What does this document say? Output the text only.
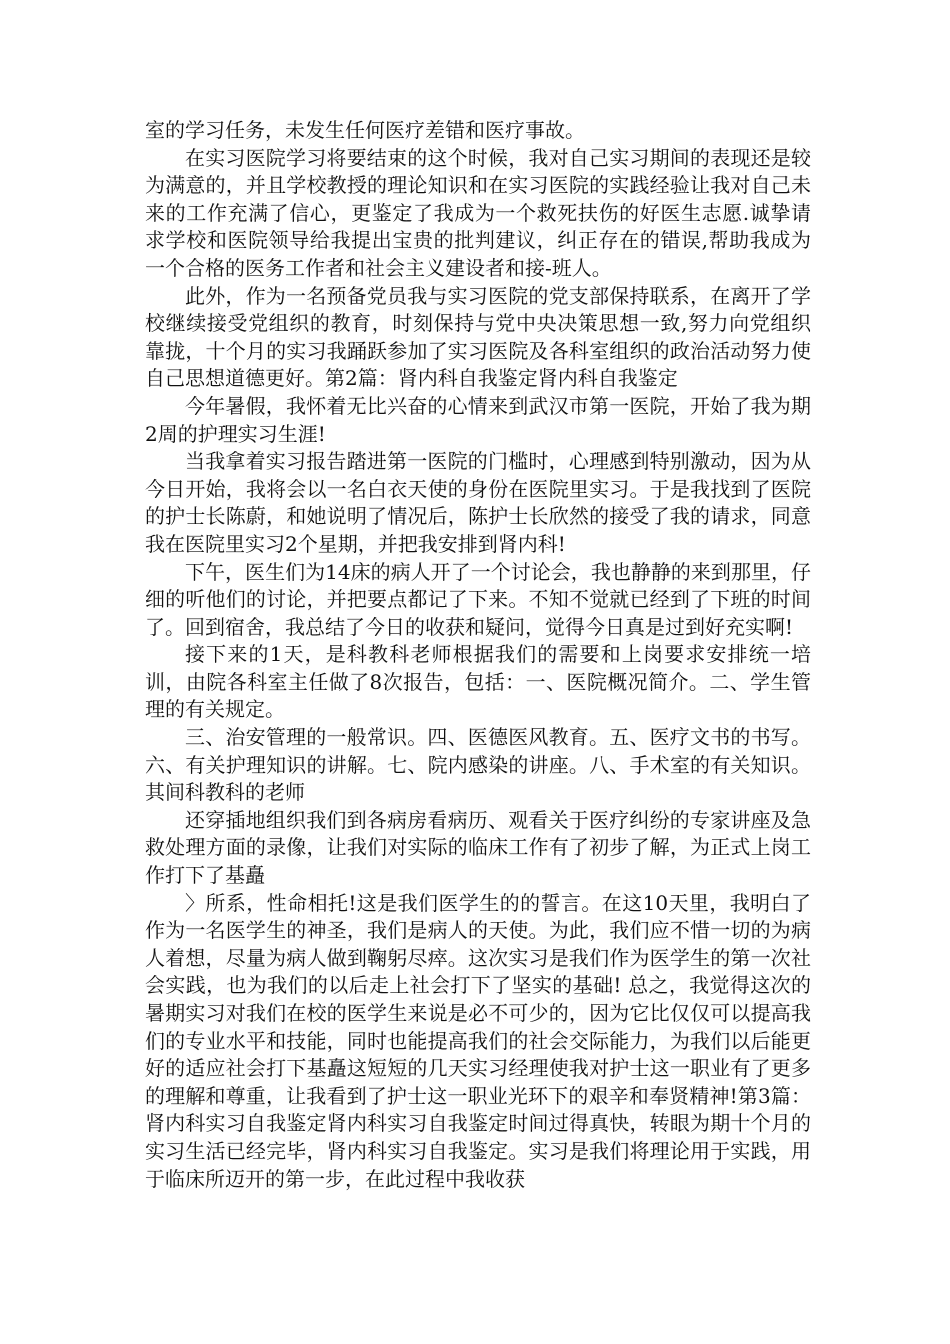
室的学习任务，未发生任何医疗差错和医疗事故。

在实习医院学习将要结束的这个时候，我对自己实习期间的表现还是较为满意的，并且学校教授的理论知识和在实习医院的实践经验让我对自己未来的工作充满了信心，更鉴定了我成为一个救死扶伤的好医生志愿.诚挚请求学校和医院领导给我提出宝贵的批判建议，纠正存在的错误,帮助我成为一个合格的医务工作者和社会主义建设者和接-班人。

此外，作为一名预备党员我与实习医院的党支部保持联系，在离开了学校继续接受党组织的教育，时刻保持与党中央决策思想一致,努力向党组织靠拢，十个月的实习我踊跃参加了实习医院及各科室组织的政治活动努力使自己思想道德更好。第2篇：肾内科自我鉴定肾内科自我鉴定

今年暑假，我怀着无比兴奋的心情来到武汉市第一医院，开始了我为期2周的护理实习生涯!

当我拿着实习报告踏进第一医院的门槛时，心理感到特别激动，因为从今日开始，我将会以一名白衣天使的身份在医院里实习。于是我找到了医院的护士长陈蔚，和她说明了情况后，陈护士长欣然的接受了我的请求，同意我在医院里实习2个星期，并把我安排到肾内科!

下午，医生们为14床的病人开了一个讨论会，我也静静的来到那里，仔细的听他们的讨论，并把要点都记了下来。不知不觉就已经到了下班的时间了。回到宿舍，我总结了今日的收获和疑问，觉得今日真是过到好充实啊!

接下来的1天，是科教科老师根据我们的需要和上岗要求安排统一培训，由院各科室主任做了8次报告，包括：一、医院概况简介。二、学生管理的有关规定。

三、治安管理的一般常识。四、医德医风教育。五、医疗文书的书写。六、有关护理知识的讲解。七、院内感染的讲座。八、手术室的有关知识。其间科教科的老师

还穿插地组织我们到各病房看病历、观看关于医疗纠纷的专家讲座及急救处理方面的录像，让我们对实际的临床工作有了初步了解，为正式上岗工作打下了基矗

〉所系，性命相托!这是我们医学生的的誓言。在这10天里，我明白了作为一名医学生的神圣，我们是病人的天使。为此，我们应不惜一切的为病人着想，尽量为病人做到鞠躬尽瘁。这次实习是我们作为医学生的第一次社会实践，也为我们的以后走上社会打下了坚实的基础! 总之，我觉得这次的暑期实习对我们在校的医学生来说是必不可少的，因为它比仅仅可以提高我们的专业水平和技能，同时也能提高我们的社会交际能力，为我们以后能更好的适应社会打下基矗这短短的几天实习经理使我对护士这一职业有了更多的理解和尊重，让我看到了护士这一职业光环下的艰辛和奉贤精神!第3篇：肾内科实习自我鉴定肾内科实习自我鉴定时间过得真快，转眼为期十个月的实习生活已经完毕，肾内科实习自我鉴定。实习是我们将理论用于实践，用于临床所迈开的第一步，在此过程中我收获
